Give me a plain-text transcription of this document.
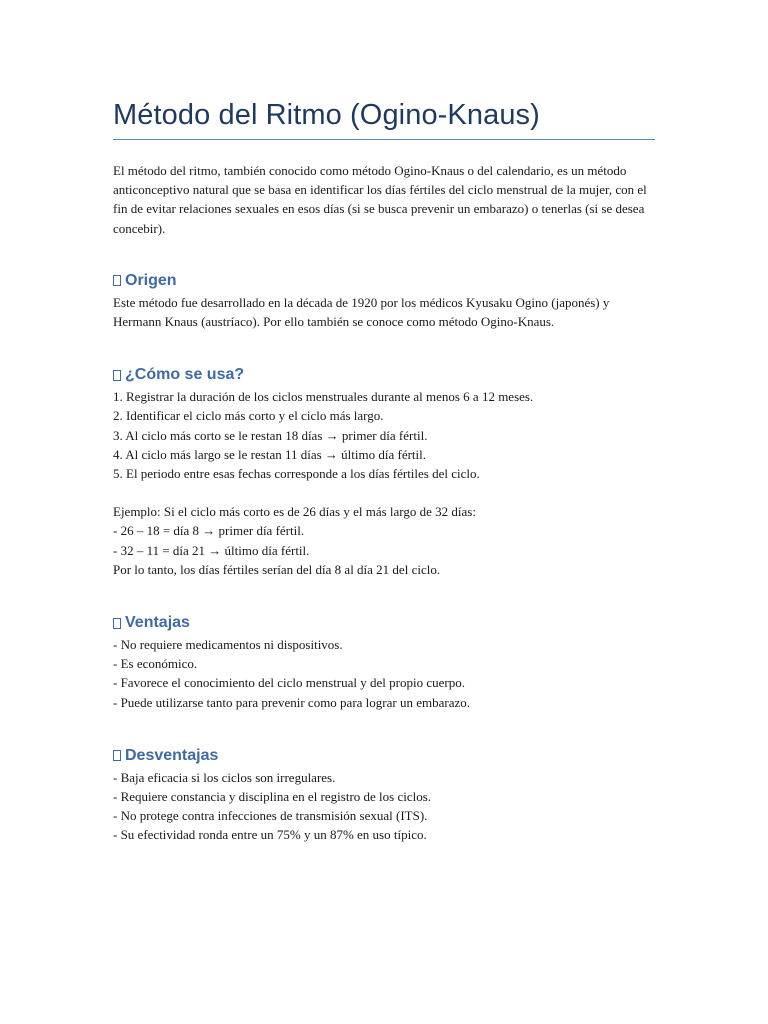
Método del Ritmo (Ogino-Knaus)

El método del ritmo, también conocido como método Ogino-Knaus o del calendario, es un método anticonceptivo natural que se basa en identificar los días fértiles del ciclo menstrual de la mujer, con el fin de evitar relaciones sexuales en esos días (si se busca prevenir un embarazo) o tenerlas (si se desea concebir).

Origen

Este método fue desarrollado en la década de 1920 por los médicos Kyusaku Ogino (japonés) y Hermann Knaus (austríaco). Por ello también se conoce como método Ogino-Knaus.

¿Cómo se usa?
1. Registrar la duración de los ciclos menstruales durante al menos 6 a 12 meses.
2. Identificar el ciclo más corto y el ciclo más largo.
3. Al ciclo más corto se le restan 18 días → primer día fértil.
4. Al ciclo más largo se le restan 11 días → último día fértil.
5. El periodo entre esas fechas corresponde a los días fértiles del ciclo.
Ejemplo: Si el ciclo más corto es de 26 días y el más largo de 32 días:
- 26 – 18 = día 8 → primer día fértil.
- 32 – 11 = día 21 → último día fértil.
Por lo tanto, los días fértiles serían del día 8 al día 21 del ciclo.
Ventajas
- No requiere medicamentos ni dispositivos.
- Es económico.
- Favorece el conocimiento del ciclo menstrual y del propio cuerpo.
- Puede utilizarse tanto para prevenir como para lograr un embarazo.
Desventajas
- Baja eficacia si los ciclos son irregulares.
- Requiere constancia y disciplina en el registro de los ciclos.
- No protege contra infecciones de transmisión sexual (ITS).
- Su efectividad ronda entre un 75% y un 87% en uso típico.
